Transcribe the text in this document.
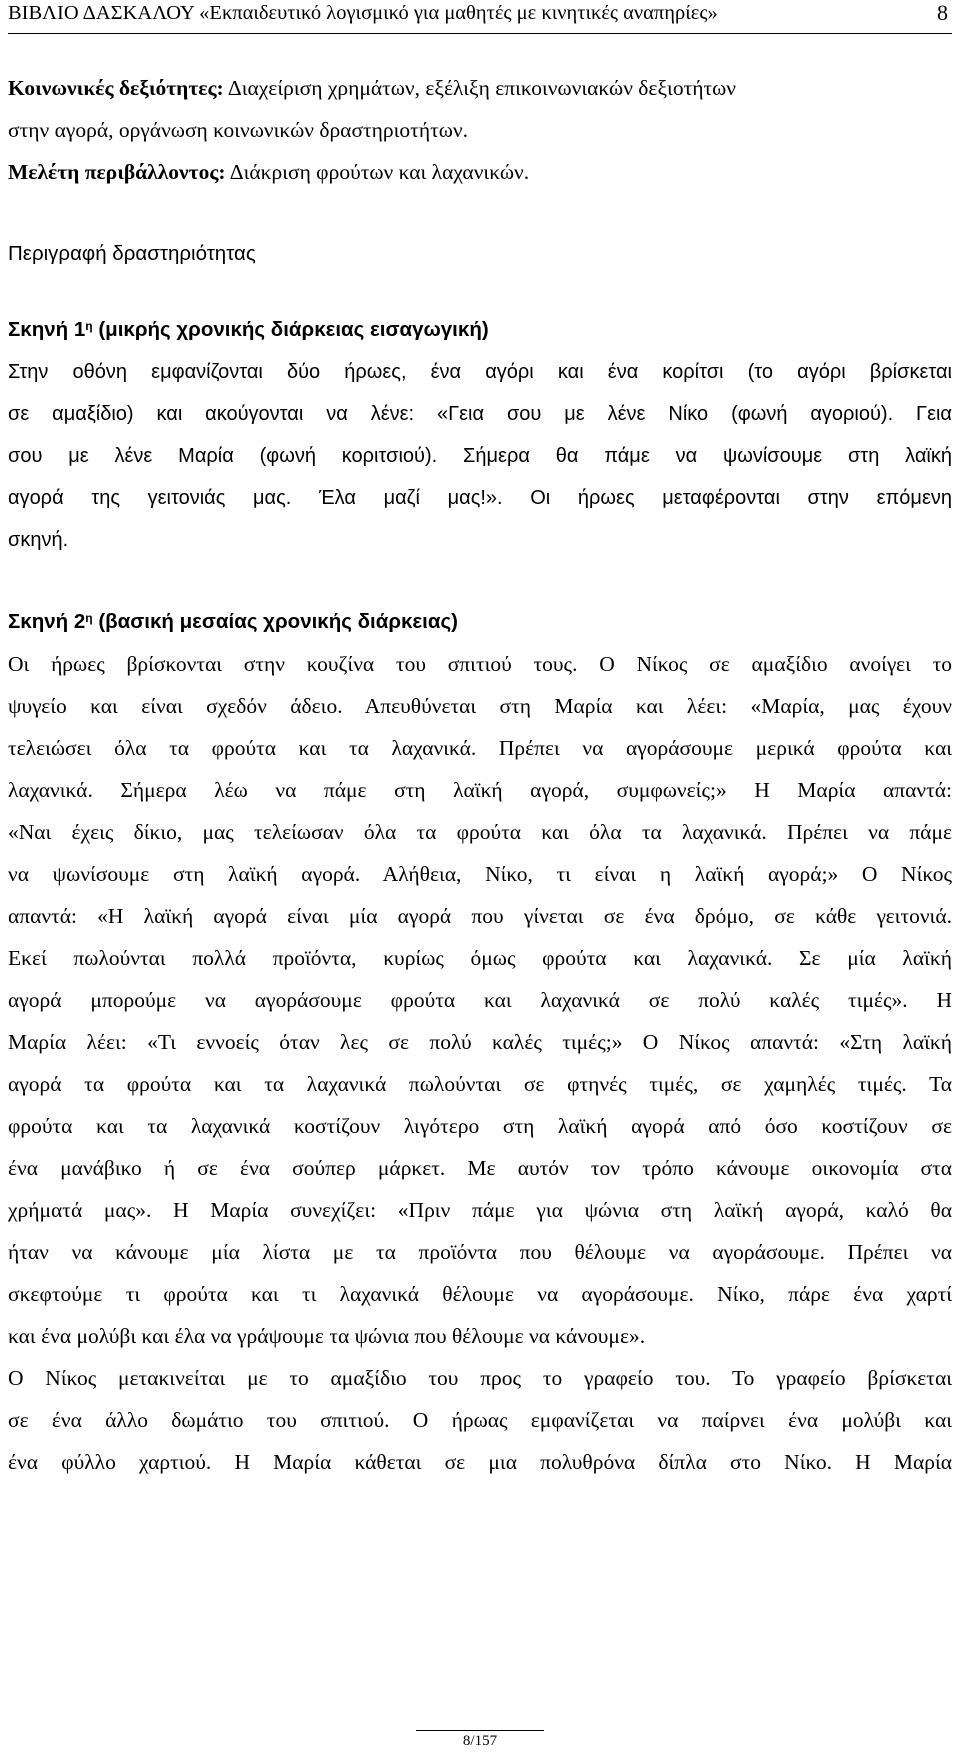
ΒΙΒΛΙΟ ΔΑΣΚΑΛΟΥ «Εκπαιδευτικό λογισμικό για μαθητές με κινητικές αναπηρίες»	8
Κοινωνικές δεξιότητες: Διαχείριση χρημάτων, εξέλιξη επικοινωνιακών δεξιοτήτων
στην αγορά, οργάνωση κοινωνικών δραστηριοτήτων.
Μελέτη περιβάλλοντος: Διάκριση φρούτων και λαχανικών.
Περιγραφή δραστηριότητας
Σκηνή $1^\eta$ (μικρής χρονικής διάρκειας εισαγωγική)
Στην οθόνη εμφανίζονται δύο ήρωες, ένα αγόρι και ένα κορίτσι (το αγόρι βρίσκεται
σε αμαξίδιο) και ακούγονται να λένε: «Γεια σου με λένε Νίκο (φωνή αγοριού). Γεια
σου με λένε Μαρία (φωνή κοριτσιού). Σήμερα θα πάμε να ψωνίσουμε στη λαϊκή
αγορά της γειτονιάς μας. Έλα μαζί μας!». Οι ήρωες μεταφέρονται στην επόμενη
σκηνή.
Σκηνή $2^\eta$ (βασική μεσαίας χρονικής διάρκειας)
Οι ήρωες βρίσκονται στην κουζίνα του σπιτιού τους. Ο Νίκος σε αμαξίδιο ανοίγει το
ψυγείο και είναι σχεδόν άδειο. Απευθύνεται στη Μαρία και λέει: «Μαρία, μας έχουν
τελειώσει όλα τα φρούτα και τα λαχανικά. Πρέπει να αγοράσουμε μερικά φρούτα και
λαχανικά. Σήμερα λέω να πάμε στη λαϊκή αγορά, συμφωνείς;» Η Μαρία απαντά:
«Ναι έχεις δίκιο, μας τελείωσαν όλα τα φρούτα και όλα τα λαχανικά. Πρέπει να πάμε
να ψωνίσουμε στη λαϊκή αγορά. Αλήθεια, Νίκο, τι είναι η λαϊκή αγορά;» Ο Νίκος
απαντά: «Η λαϊκή αγορά είναι μία αγορά που γίνεται σε ένα δρόμο, σε κάθε γειτονιά.
Εκεί πωλούνται πολλά προϊόντα, κυρίως όμως φρούτα και λαχανικά. Σε μία λαϊκή
αγορά μπορούμε να αγοράσουμε φρούτα και λαχανικά σε πολύ καλές τιμές». Η
Μαρία λέει: «Τι εννοείς όταν λες σε πολύ καλές τιμές;» Ο Νίκος απαντά: «Στη λαϊκή
αγορά τα φρούτα και τα λαχανικά πωλούνται σε φτηνές τιμές, σε χαμηλές τιμές. Τα
φρούτα και τα λαχανικά κοστίζουν λιγότερο στη λαϊκή αγορά από όσο κοστίζουν σε
ένα μανάβικο ή σε ένα σούπερ μάρκετ. Με αυτόν τον τρόπο κάνουμε οικονομία στα
χρήματά μας». Η Μαρία συνεχίζει: «Πριν πάμε για ψώνια στη λαϊκή αγορά, καλό θα
ήταν να κάνουμε μία λίστα με τα προϊόντα που θέλουμε να αγοράσουμε. Πρέπει να
σκεφτούμε τι φρούτα και τι λαχανικά θέλουμε να αγοράσουμε. Νίκο, πάρε ένα χαρτί
και ένα μολύβι και έλα να γράψουμε τα ψώνια που θέλουμε να κάνουμε».
Ο Νίκος μετακινείται με το αμαξίδιο του προς το γραφείο του. Το γραφείο βρίσκεται
σε ένα άλλο δωμάτιο του σπιτιού. Ο ήρωας εμφανίζεται να παίρνει ένα μολύβι και
ένα φύλλο χαρτιού. Η Μαρία κάθεται σε μια πολυθρόνα δίπλα στο Νίκο. Η Μαρία
8/157
